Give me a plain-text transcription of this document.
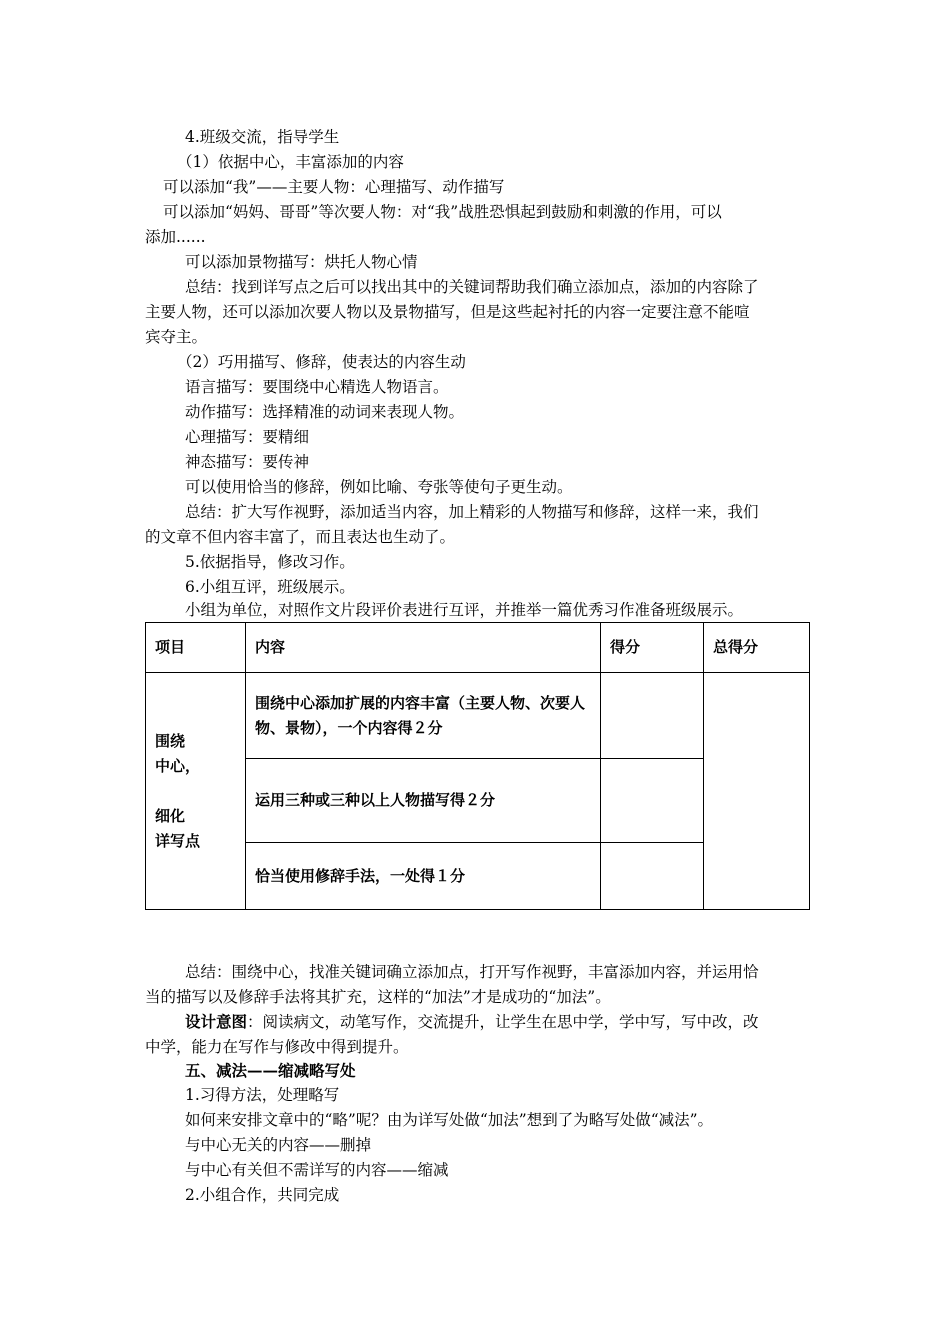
4.班级交流，指导学生
（1）依据中心，丰富添加的内容
可以添加“我”——主要人物：心理描写、动作描写
可以添加“妈妈、哥哥”等次要人物：对“我”战胜恐惧起到鼓励和刺激的作用，可以
添加......
可以添加景物描写：烘托人物心情
总结：找到详写点之后可以找出其中的关键词帮助我们确立添加点，添加的内容除了
主要人物，还可以添加次要人物以及景物描写，但是这些起衬托的内容一定要注意不能喧
宾夺主。
（2）巧用描写、修辞，使表达的内容生动
语言描写：要围绕中心精选人物语言。
动作描写：选择精准的动词来表现人物。
心理描写：要精细
神态描写：要传神
可以使用恰当的修辞，例如比喻、夸张等使句子更生动。
总结：扩大写作视野，添加适当内容，加上精彩的人物描写和修辞，这样一来，我们
的文章不但内容丰富了，而且表达也生动了。
5.依据指导，修改习作。
6.小组互评，班级展示。
小组为单位，对照作文片段评价表进行互评，并推举一篇优秀习作准备班级展示。
项目	内容	得分	总得分

围绕
中心，
细化
详写点	围绕中心添加扩展的内容丰富（主要人物、次要人物、景物），一个内容得２分		
	运用三种或三种以上人物描写得２分		
	恰当使用修辞手法，一处得１分		
总结：围绕中心，找准关键词确立添加点，打开写作视野，丰富添加内容，并运用恰
当的描写以及修辞手法将其扩充，这样的“加法”才是成功的“加法”。
设计意图：阅读病文，动笔写作，交流提升，让学生在思中学，学中写，写中改，改
中学，能力在写作与修改中得到提升。
五、减法——缩减略写处
1.习得方法，处理略写
如何来安排文章中的“略”呢？由为详写处做“加法”想到了为略写处做“减法”。
与中心无关的内容——删掉
与中心有关但不需详写的内容——缩减
2.小组合作，共同完成
